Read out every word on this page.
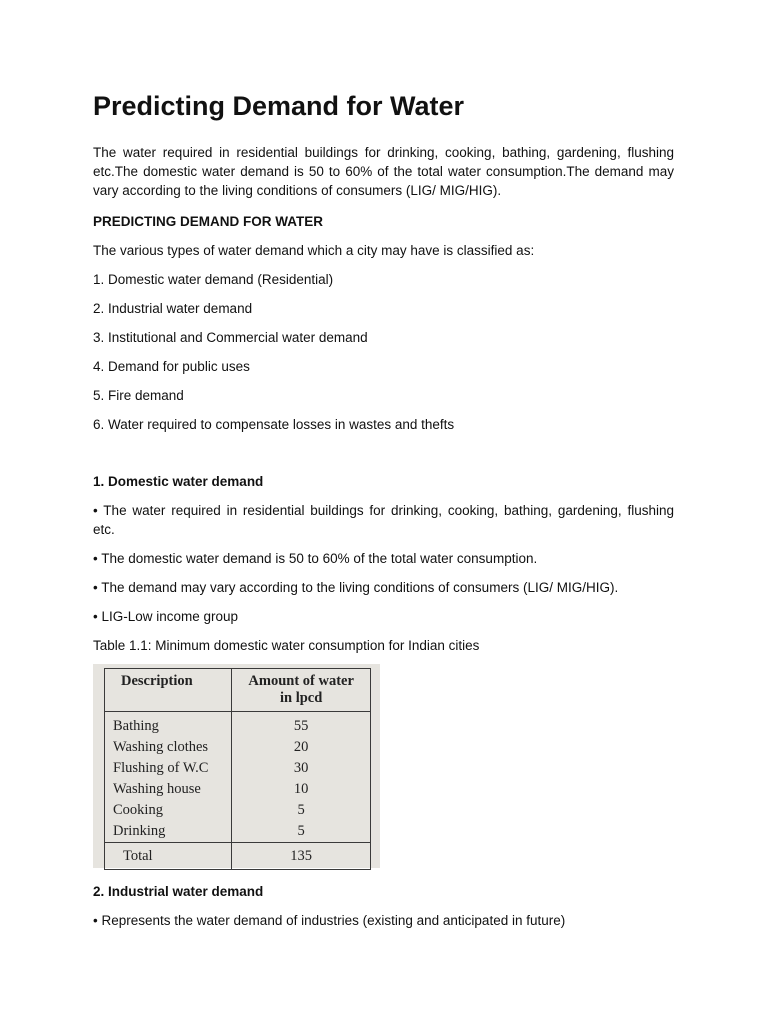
Predicting Demand for Water

The water required in residential buildings for drinking, cooking, bathing, gardening, flushing etc.The domestic water demand is 50 to 60% of the total water consumption.The demand may vary according to the living conditions of consumers (LIG/ MIG/HIG).

PREDICTING DEMAND FOR WATER
The various types of water demand which a city may have is classified as:
1. Domestic water demand (Residential)
2. Industrial water demand
3. Institutional and Commercial water demand
4. Demand for public uses
5. Fire demand
6. Water required to compensate losses in wastes and thefts
1. Domestic water demand

• The water required in residential buildings for drinking, cooking, bathing, gardening, flushing etc.

• The domestic water demand is 50 to 60% of the total water consumption.
• The demand may vary according to the living conditions of consumers (LIG/ MIG/HIG).
• LIG-Low income group
Table 1.1: Minimum domestic water consumption for Indian cities
Description	Amount of water
in lpcd

Bathing	55
Washing clothes	20
Flushing of W.C	30
Washing house	10
Cooking	5
Drinking	5
Total	135
2. Industrial water demand
• Represents the water demand of industries (existing and anticipated in future)
